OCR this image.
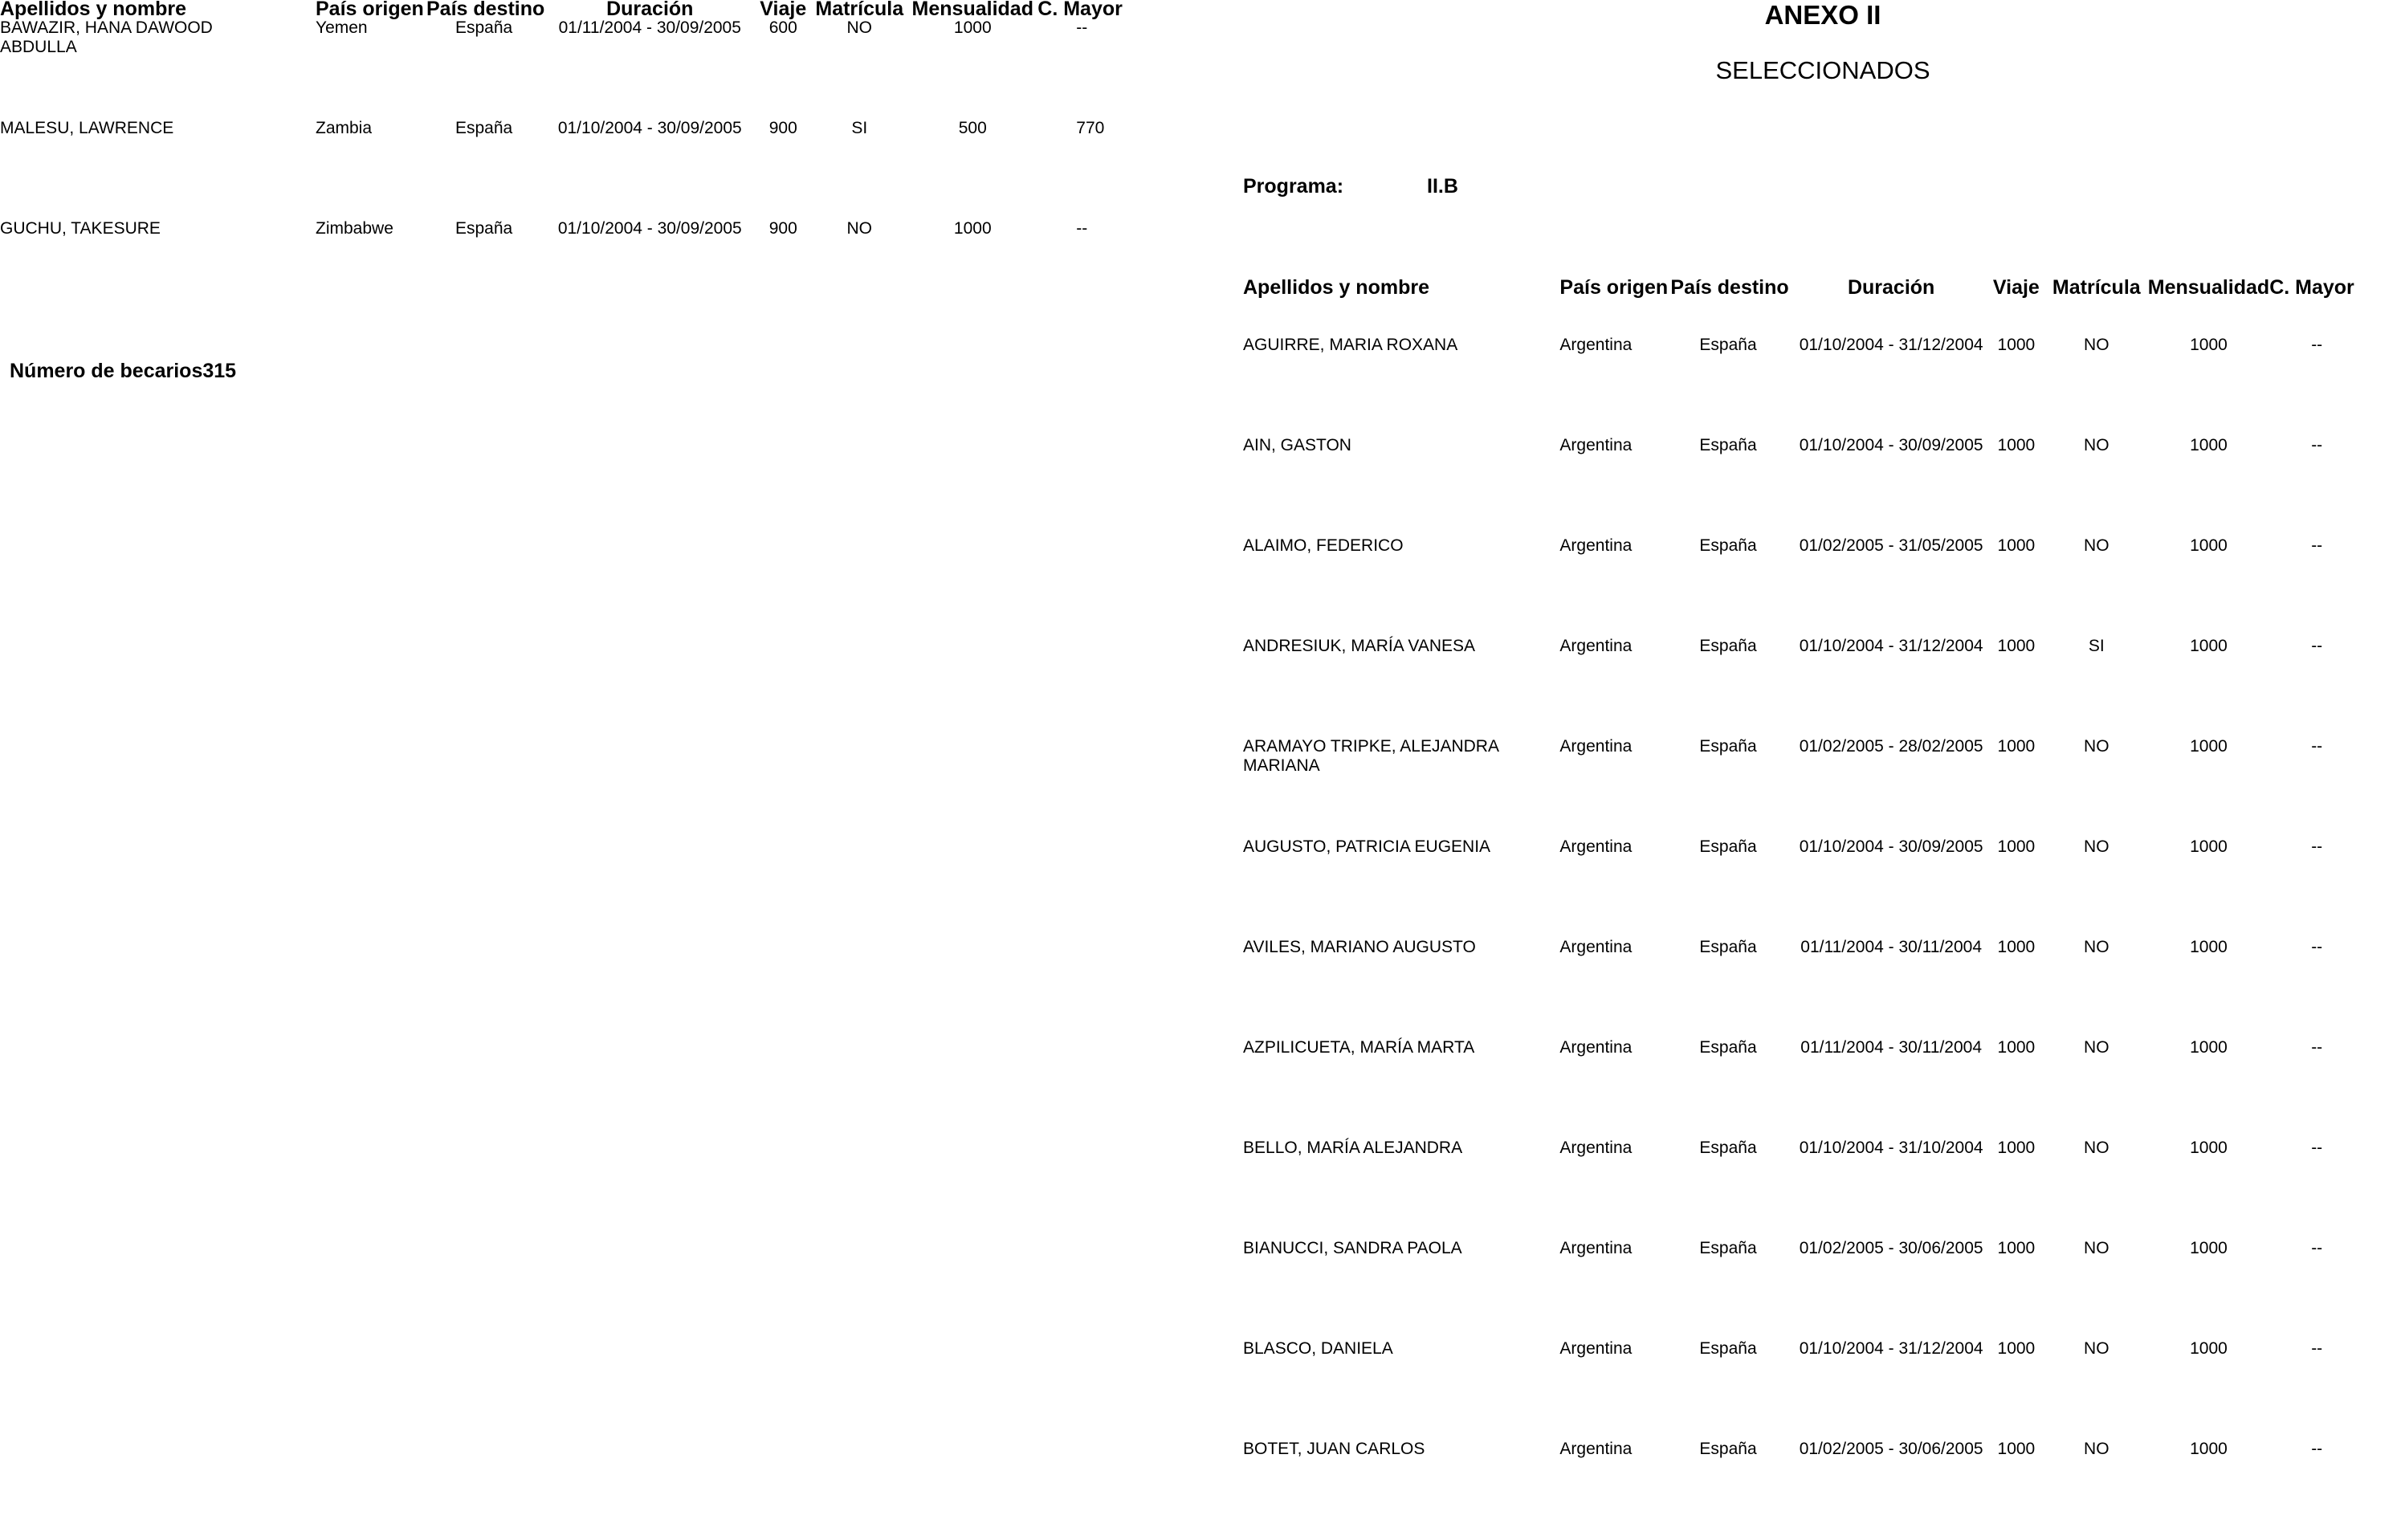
Apellidos y nombre	País origen	País destino	Duración	Viaje	Matrícula	Mensualidad	C. Mayor
BAWAZIR, HANA DAWOOD ABDULLA	Yemen	España	01/11/2004 - 30/09/2005	600	NO	1000	--
MALESU, LAWRENCE	Zambia	España	01/10/2004 - 30/09/2005	900	SI	500	770
GUCHU, TAKESURE	Zimbabwe	España	01/10/2004 - 30/09/2005	900	NO	1000	--
Número de becarios315
ANEXO II
SELECCIONADOS
Programa:	II.B
Apellidos y nombre	País origen	País destino	Duración	Viaje	Matrícula	Mensualidad	C. Mayor
AGUIRRE, MARIA ROXANA	Argentina	España	01/10/2004 - 31/12/2004	1000	NO	1000	--
AIN, GASTON	Argentina	España	01/10/2004 - 30/09/2005	1000	NO	1000	--
ALAIMO, FEDERICO	Argentina	España	01/02/2005 - 31/05/2005	1000	NO	1000	--
ANDRESIUK, MARÍA VANESA	Argentina	España	01/10/2004 - 31/12/2004	1000	SI	1000	--
ARAMAYO TRIPKE, ALEJANDRA MARIANA	Argentina	España	01/02/2005 - 28/02/2005	1000	NO	1000	--
AUGUSTO, PATRICIA EUGENIA	Argentina	España	01/10/2004 - 30/09/2005	1000	NO	1000	--
AVILES, MARIANO AUGUSTO	Argentina	España	01/11/2004 - 30/11/2004	1000	NO	1000	--
AZPILICUETA, MARÍA MARTA	Argentina	España	01/11/2004 - 30/11/2004	1000	NO	1000	--
BELLO, MARÍA ALEJANDRA	Argentina	España	01/10/2004 - 31/10/2004	1000	NO	1000	--
BIANUCCI, SANDRA PAOLA	Argentina	España	01/02/2005 - 30/06/2005	1000	NO	1000	--
BLASCO, DANIELA	Argentina	España	01/10/2004 - 31/12/2004	1000	NO	1000	--
BOTET, JUAN CARLOS	Argentina	España	01/02/2005 - 30/06/2005	1000	NO	1000	--
